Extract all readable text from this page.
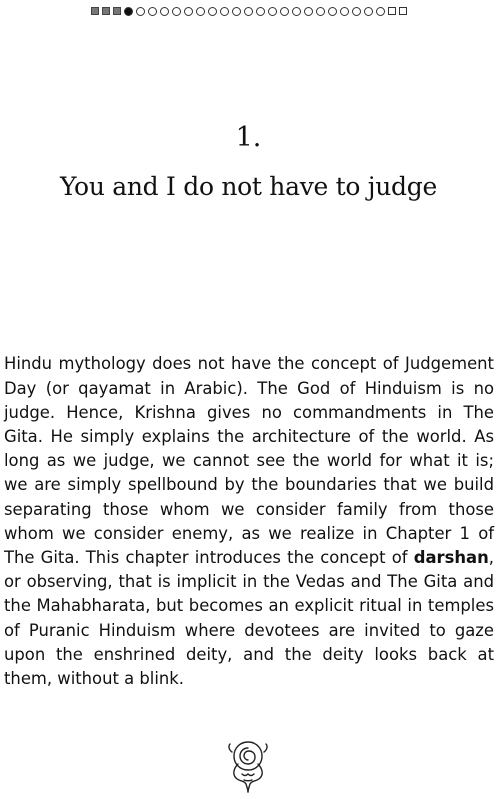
1.
You and I do not have to judge

Hindu mythology does not have the concept of Judgement Day (or qayamat in Arabic). The God of Hinduism is no judge. Hence, Krishna gives no commandments in The Gita. He simply explains the architecture of the world. As long as we judge, we cannot see the world for what it is; we are simply spellbound by the boundaries that we build separating those whom we consider family from those whom we consider enemy, as we realize in Chapter 1 of The Gita. This chapter introduces the concept of darshan, or observing, that is implicit in the Vedas and The Gita and the Mahabharata, but becomes an explicit ritual in temples of Puranic Hinduism where devotees are invited to gaze upon the enshrined deity, and the deity looks back at them, without a blink.
